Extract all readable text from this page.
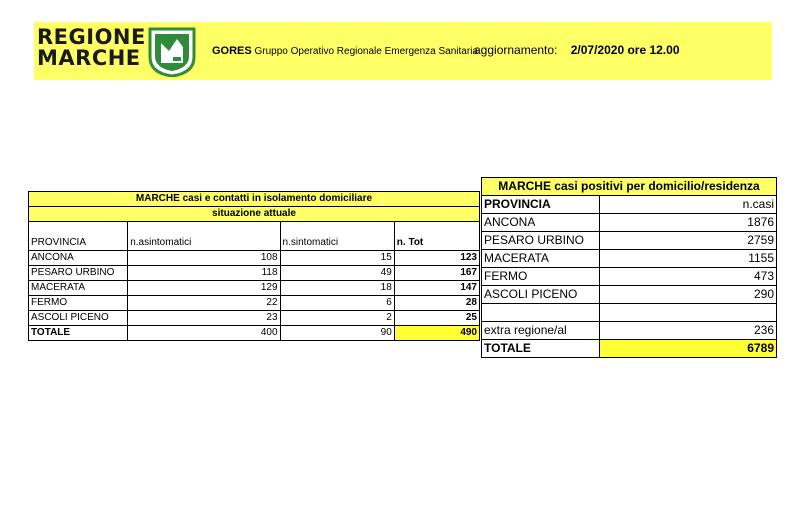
REGIONE
MARCHE	GORES Gruppo Operativo Regionale Emergenza Sanitaria
aggiornamento: 2/07/2020 ore 12.00
MARCHE casi e contatti in isolamento domiciliare			
situazione attuale			
PROVINCIA	n.asintomatici	n.sintomatici	n. Tot
ANCONA	108	15	123
PESARO URBINO	118	49	167
MACERATA	129	18	147
FERMO	22	6	28
ASCOLI PICENO	23	2	25
TOTALE	400	90	490
MARCHE casi positivi per domicilio/residenza	
PROVINCIA	n.casi
ANCONA	1876
PESARO URBINO	2759
MACERATA	1155
FERMO	473
ASCOLI PICENO	290

extra regione/al	236
TOTALE	6789
